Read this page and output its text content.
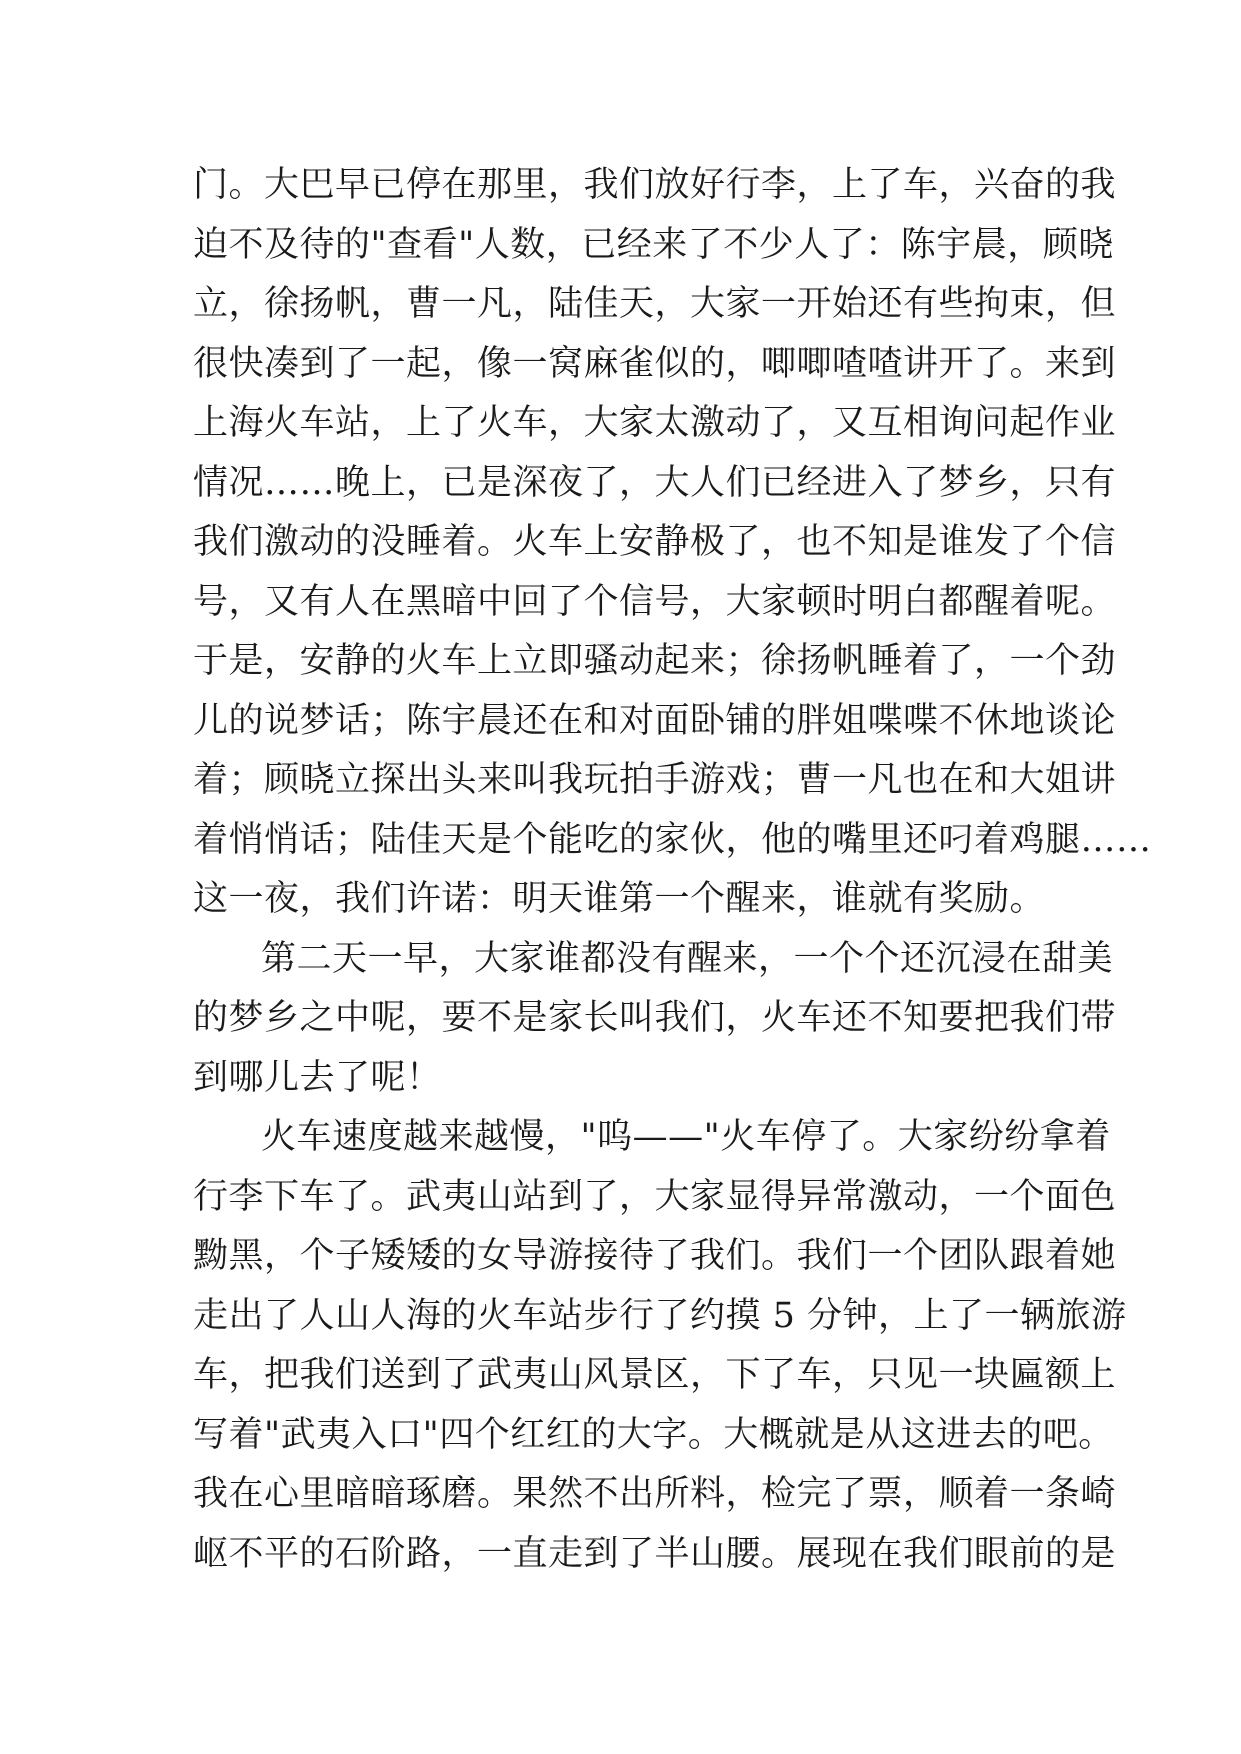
门。大巴早已停在那里，我们放好行李，上了车，兴奋的我
迫不及待的"查看"人数，已经来了不少人了：陈宇晨，顾晓
立，徐扬帆，曹一凡，陆佳天，大家一开始还有些拘束，但
很快凑到了一起，像一窝麻雀似的，唧唧喳喳讲开了。来到
上海火车站，上了火车，大家太激动了，又互相询问起作业
情况……晚上，已是深夜了，大人们已经进入了梦乡，只有
我们激动的没睡着。火车上安静极了，也不知是谁发了个信
号，又有人在黑暗中回了个信号，大家顿时明白都醒着呢。
于是，安静的火车上立即骚动起来；徐扬帆睡着了，一个劲
儿的说梦话；陈宇晨还在和对面卧铺的胖姐喋喋不休地谈论
着；顾晓立探出头来叫我玩拍手游戏；曹一凡也在和大姐讲
着悄悄话；陆佳天是个能吃的家伙，他的嘴里还叼着鸡腿……
这一夜，我们许诺：明天谁第一个醒来，谁就有奖励。
第二天一早，大家谁都没有醒来，一个个还沉浸在甜美
的梦乡之中呢，要不是家长叫我们，火车还不知要把我们带
到哪儿去了呢！
火车速度越来越慢，"呜——"火车停了。大家纷纷拿着
行李下车了。武夷山站到了，大家显得异常激动，一个面色
黝黑，个子矮矮的女导游接待了我们。我们一个团队跟着她
走出了人山人海的火车站步行了约摸 5 分钟，上了一辆旅游
车，把我们送到了武夷山风景区，下了车，只见一块匾额上
写着"武夷入口"四个红红的大字。大概就是从这进去的吧。
我在心里暗暗琢磨。果然不出所料，检完了票，顺着一条崎
岖不平的石阶路，一直走到了半山腰。展现在我们眼前的是
